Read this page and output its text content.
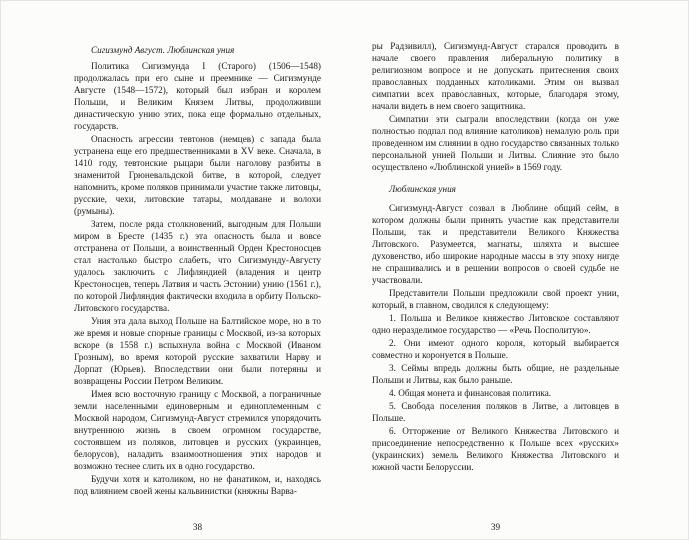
Сигизмунд Август. Люблинская уния

Политика Сигизмунда I (Старого) (1506—1548) продолжалась при его сыне и преемнике — Сигизмунде Августе (1548—1572), который был избран и королем Польши, и Великим Князем Литвы, продолживши династическую унию этих, пока еще формально отдельных, государств.

Опасность агрессии тевтонов (немцев) с запада была устранена еще его предшественниками в XV веке. Сначала, в 1410 году, тевтонские рыцари были наголову разбиты в знаменитой Грюневальдской битве, в которой, следует напомнить, кроме поляков принимали участие также литовцы, русские, чехи, литовские татары, молдаване и волохи (румыны).

Затем, после ряда столкновений, выгодным для Польши миром в Бресте (1435 г.) эта опасность была и вовсе отстранена от Польши, а воинственный Орден Крестоносцев стал настолько быстро слабеть, что Сигизмунду-Августу удалось заключить с Лифляндией (владения и центр Крестоносцев, теперь Латвия и часть Эстонии) унию (1561 г.), по которой Лифляндия фактически входила в орбиту Польско-Литовского государства.

Уния эта дала выход Польше на Балтийское море, но в то же время и новые спорные границы с Москвой, из-за которых вскоре (в 1558 г.) вспыхнула война с Москвой (Иваном Грозным), во время которой русские захватили Нарву и Дорпат (Юрьев). Впоследствии они были потеряны и возвращены России Петром Великим.

Имея всю восточную границу с Москвой, а пограничные земли населенными единоверным и единоплеменным с Москвой народом, Сигизмунд-Август стремился упорядочить внутреннюю жизнь в своем огромном государстве, состоявшем из поляков, литовцев и русских (украинцев, белорусов), наладить взаимоотношения этих народов и возможно теснее слить их в одно государство.

Будучи хотя и католиком, но не фанатиком, и, находясь под влиянием своей жены кальвинистки (княжны Варва-

38

ры Радзивилл), Сигизмунд-Август старался проводить в начале своего правления либеральную политику в религиозном вопросе и не допускать притеснения своих православных подданных католиками. Этим он вызвал симпатии всех православных, которые, благодаря этому, начали видеть в нем своего защитника.

Симпатии эти сыграли впоследствии (когда он уже полностью подпал под влияние католиков) немалую роль при проведенном им слиянии в одно государство связанных только персональной унией Польши и Литвы. Слияние это было осуществлено «Люблинской унией» в 1569 году.

Люблинская уния

Сигизмунд-Август созвал в Люблине общий сейм, в котором должны были принять участие как представители Польши, так и представители Великого Княжества Литовского. Разумеется, магнаты, шляхта и высшее духовенство, ибо широкие народные массы в эту эпоху нигде не спрашивались и в решении вопросов о своей судьбе не участвовали.

Представители Польши предложили свой проект унии, который, в главном, сводился к следующему:

1. Польша и Великое княжество Литовское составляют одно неразделимое государство — «Речь Посполитую».

2. Они имеют одного короля, который выбирается совместно и коронуется в Польше.

3. Сеймы впредь должны быть общие, не раздельные Польши и Литвы, как было раньше.

4. Общая монета и финансовая политика.

5. Свобода поселения поляков в Литве, а литовцев в Польше.

6. Отторжение от Великого Княжества Литовского и присоединение непосредственно к Польше всех «русских» (украинских) земель Великого Княжества Литовского и южной части Белоруссии.

39
